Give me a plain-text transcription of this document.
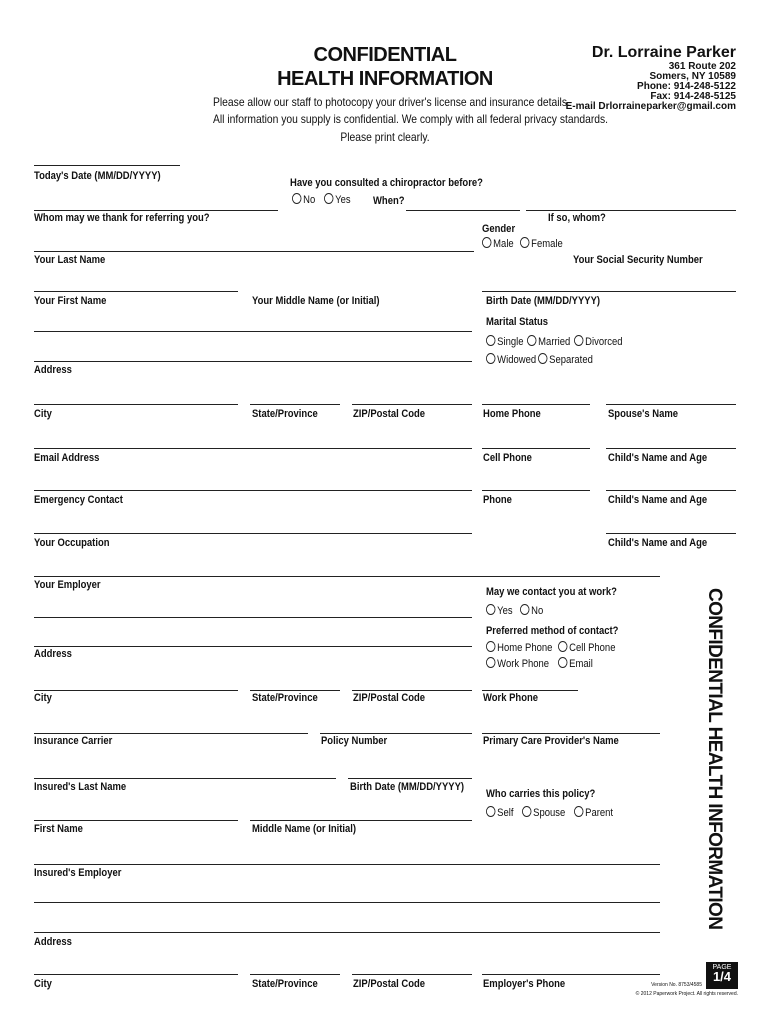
CONFIDENTIAL
HEALTH INFORMATION
Please allow our staff to photocopy your driver's license and insurance details.
All information you supply is confidential. We comply with all federal privacy standards.
Please print clearly.
Dr. Lorraine Parker
361 Route 202
Somers, NY 10589
Phone: 914-248-5122
Fax: 914-248-5125
E-mail Drlorraineparker@gmail.com
Today's Date (MM/DD/YYYY)
Have you consulted a chiropractor before?
No	Yes When?
Whom may we thank for referring you?	If so, whom?
Gender
Male	Female
Your Last Name	Your Social Security Number
Your First Name	Your Middle Name (or Initial)	Birth Date (MM/DD/YYYY)
Marital Status
Single	Married	Divorced
Widowed	Separated
Address
City	State/Province	ZIP/Postal Code	Home Phone	Spouse's Name
Email Address	Cell Phone	Child's Name and Age
Emergency Contact	Phone	Child's Name and Age
Your Occupation	Child's Name and Age
Your Employer
May we contact you at work?
Yes	No
Preferred method of contact?
Home Phone	Cell Phone
Work Phone	Email
Address
City	State/Province	ZIP/Postal Code	Work Phone
Insurance Carrier	Policy Number	Primary Care Provider's Name
Insured's Last Name	Birth Date (MM/DD/YYYY)
Who carries this policy?
Self	Spouse	Parent
First Name	Middle Name (or Initial)
Insured's Employer
Address
City	State/Province	ZIP/Postal Code	Employer's Phone
CONFIDENTIAL HEALTH INFORMATION
PAGE
1/4
Version No. 8753/4585
© 2012 Paperwork Project. All rights reserved.
